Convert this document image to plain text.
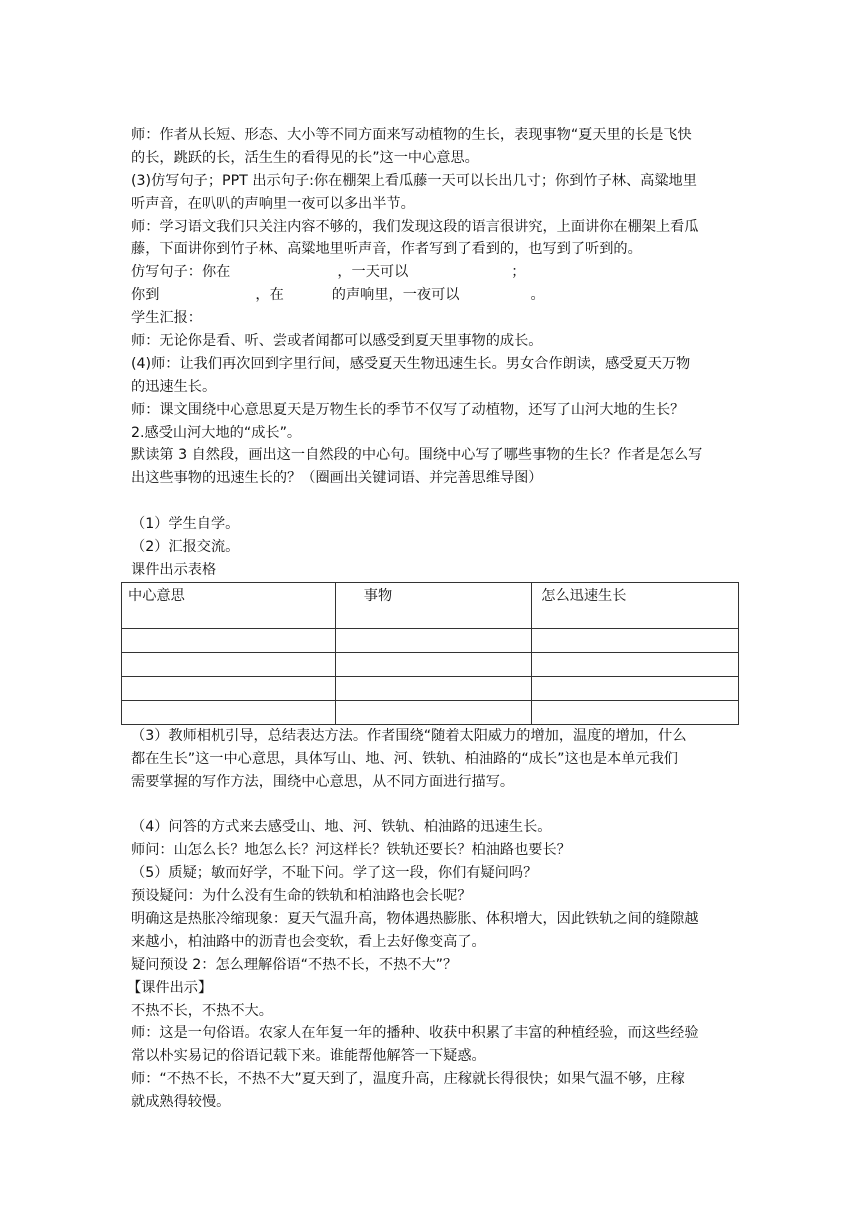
师：作者从长短、形态、大小等不同方面来写动植物的生长，表现事物“夏天里的长是飞快
的长，跳跃的长，活生生的看得见的长”这一中心意思。
(3)仿写句子；PPT 出示句子:你在棚架上看瓜藤一天可以长出几寸；你到竹子林、高粱地里
听声音，在叭叭的声响里一夜可以多出半节。
师：学习语文我们只关注内容不够的，我们发现这段的语言很讲究，上面讲你在棚架上看瓜
藤，下面讲你到竹子林、高粱地里听声音，作者写到了看到的，也写到了听到的。
仿写句子：你在	，一天可以	；
你到	，在	的声响里，一夜可以	。
学生汇报：
师：无论你是看、听、尝或者闻都可以感受到夏天里事物的成长。
(4)师：让我们再次回到字里行间，感受夏天生物迅速生长。男女合作朗读，感受夏天万物
的迅速生长。
师：课文围绕中心意思夏天是万物生长的季节不仅写了动植物，还写了山河大地的生长？
2.感受山河大地的“成长”。
默读第 3 自然段，画出这一自然段的中心句。围绕中心写了哪些事物的生长？作者是怎么写
出这些事物的迅速生长的？（圈画出关键词语、并完善思维导图）
（1）学生自学。
（2）汇报交流。
课件出示表格
中心意思	事物	怎么迅速生长

（3）教师相机引导，总结表达方法。作者围绕“随着太阳威力的增加，温度的增加，什么
都在生长”这一中心意思，具体写山、地、河、铁轨、柏油路的“成长”这也是本单元我们
需要掌握的写作方法，围绕中心意思，从不同方面进行描写。
（4）问答的方式来去感受山、地、河、铁轨、柏油路的迅速生长。
师问：山怎么长？地怎么长？河这样长？铁轨还要长？柏油路也要长？
（5）质疑；敏而好学，不耻下问。学了这一段，你们有疑问吗？
预设疑问：为什么没有生命的铁轨和柏油路也会长呢？
明确这是热胀冷缩现象：夏天气温升高，物体遇热膨胀、体积增大，因此铁轨之间的缝隙越
来越小，柏油路中的沥青也会变软，看上去好像变高了。
疑问预设 2：怎么理解俗语“不热不长，不热不大”？
【课件出示】
不热不长，不热不大。
师：这是一句俗语。农家人在年复一年的播种、收获中积累了丰富的种植经验，而这些经验
常以朴实易记的俗语记载下来。谁能帮他解答一下疑惑。
师：“不热不长，不热不大”夏天到了，温度升高，庄稼就长得很快；如果气温不够，庄稼
就成熟得较慢。
